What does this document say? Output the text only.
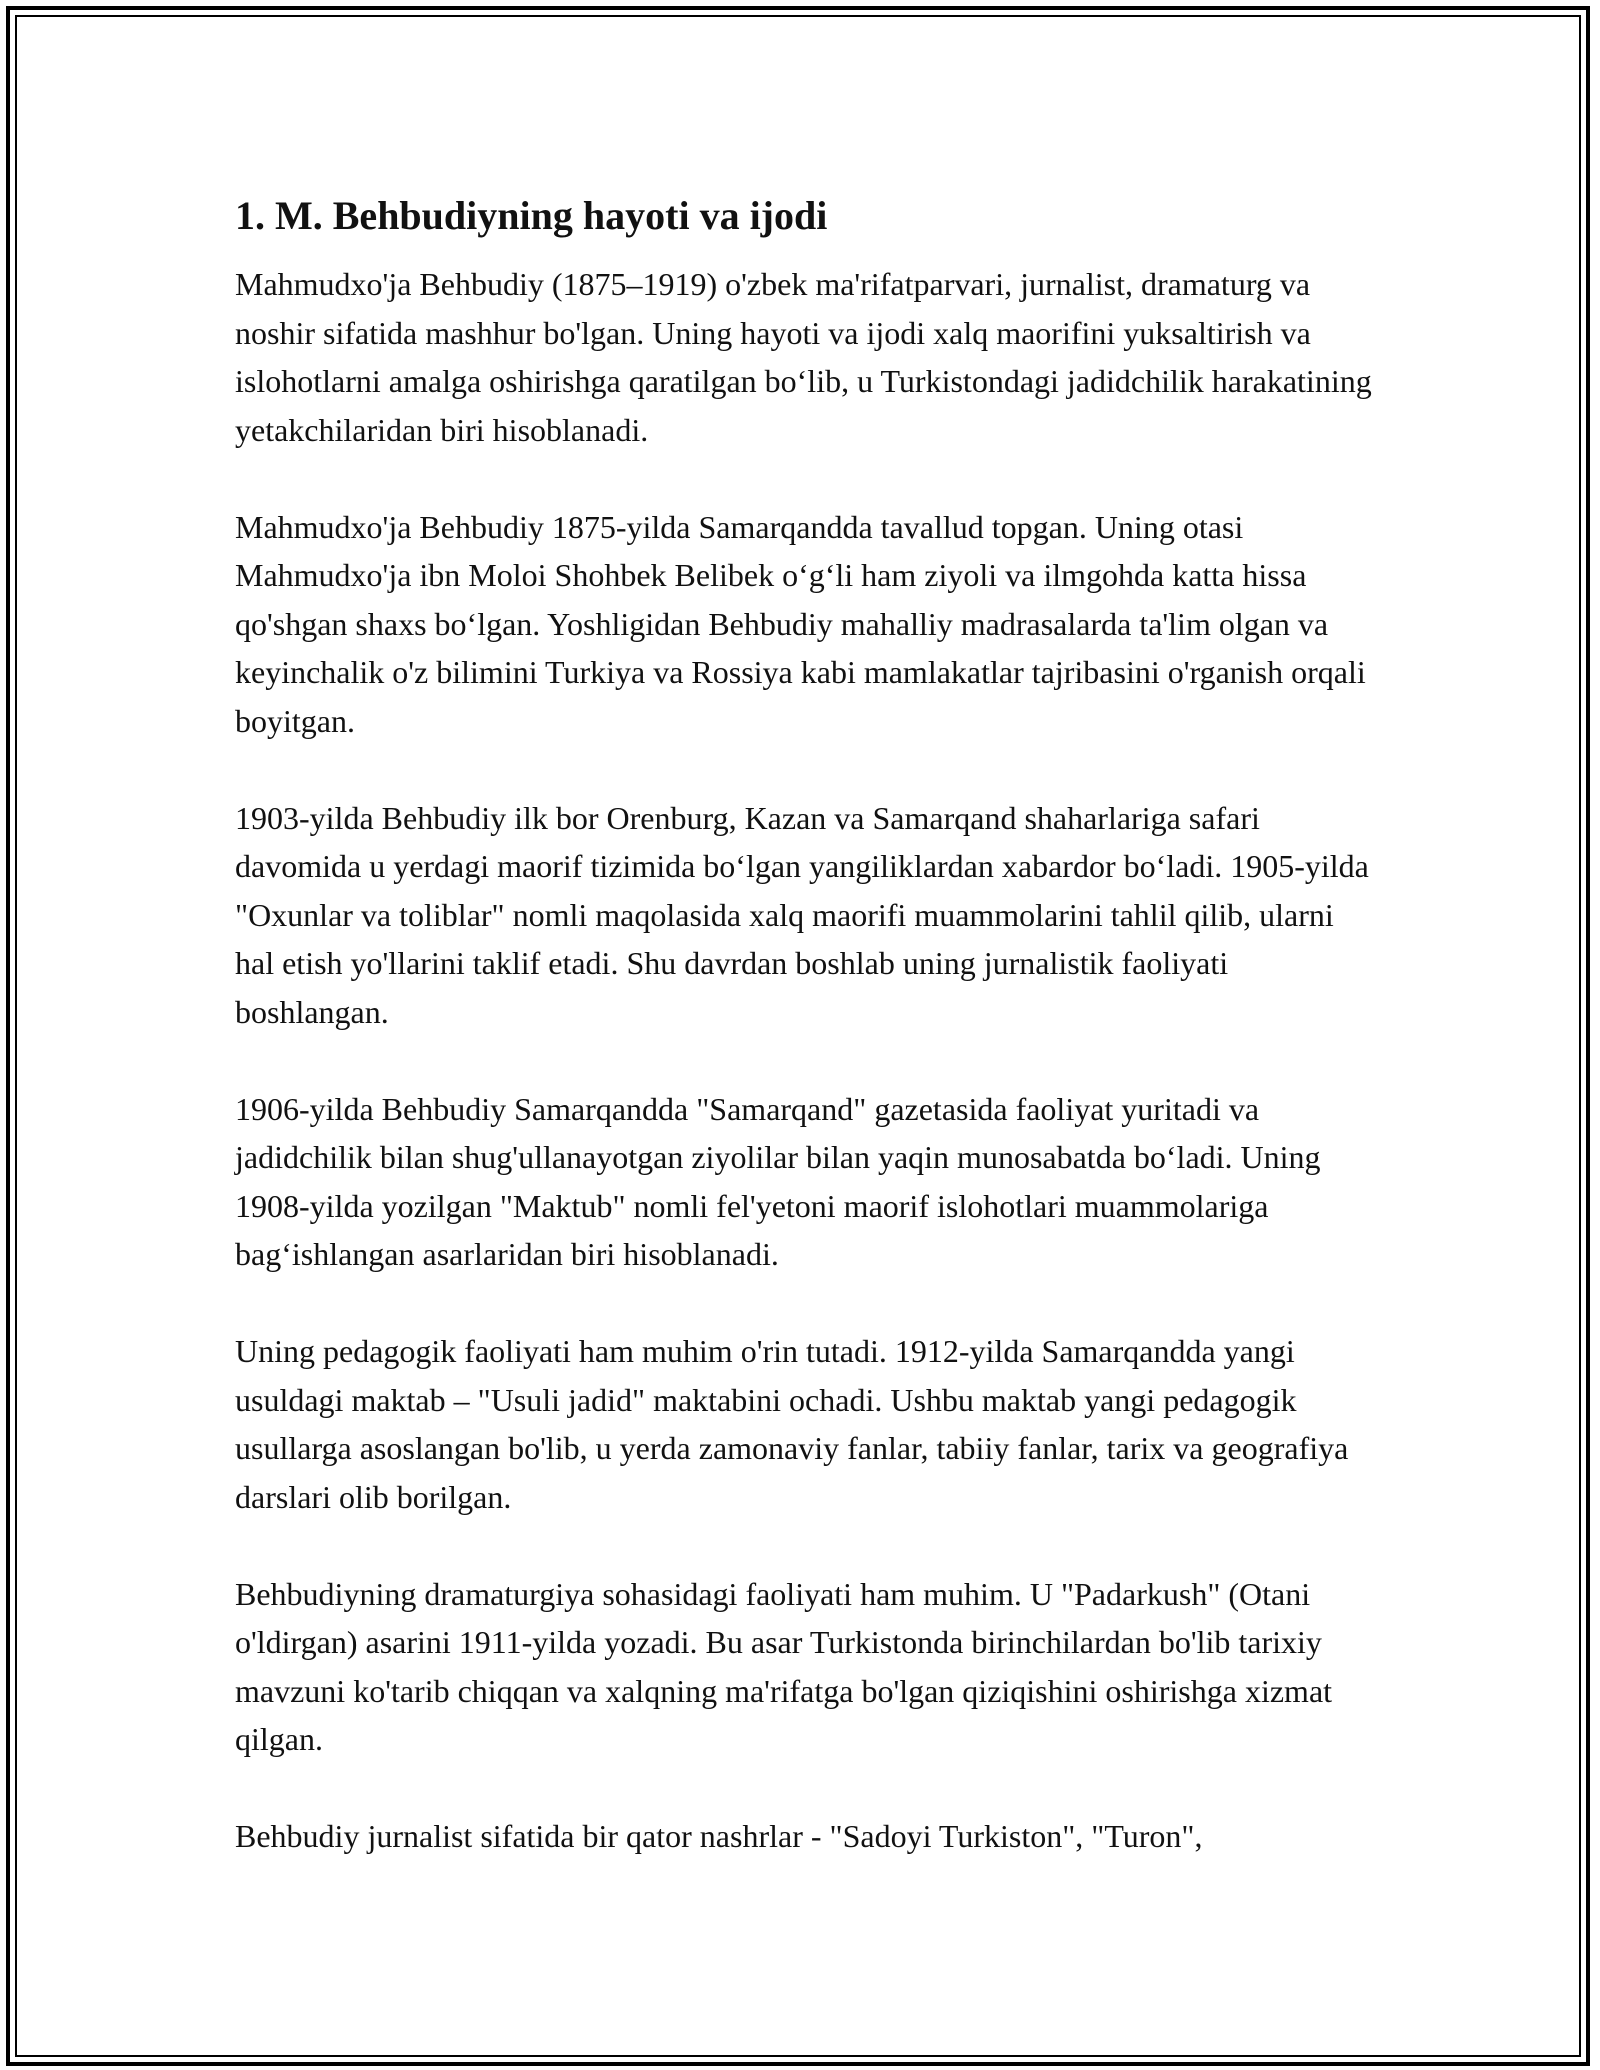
1. M. Behbudiyning hayoti va ijodi

Mahmudxo'ja Behbudiy (1875–1919) o'zbek ma'rifatparvari, jurnalist, dramaturg va noshir sifatida mashhur bo'lgan. Uning hayoti va ijodi xalq maorifini yuksaltirish va islohotlarni amalga oshirishga qaratilgan bo‘lib, u Turkistondagi jadidchilik harakatining yetakchilaridan biri hisoblanadi.

Mahmudxo'ja Behbudiy 1875-yilda Samarqandda tavallud topgan. Uning otasi Mahmudxo'ja ibn Moloi Shohbek Belibek o‘g‘li ham ziyoli va ilmgohda katta hissa qo'shgan shaxs bo‘lgan. Yoshligidan Behbudiy mahalliy madrasalarda ta'lim olgan va keyinchalik o'z bilimini Turkiya va Rossiya kabi mamlakatlar tajribasini o'rganish orqali boyitgan.

1903-yilda Behbudiy ilk bor Orenburg, Kazan va Samarqand shaharlariga safari davomida u yerdagi maorif tizimida bo‘lgan yangiliklardan xabardor bo‘ladi. 1905-yilda "Oxunlar va toliblar" nomli maqolasida xalq maorifi muammolarini tahlil qilib, ularni hal etish yo'llarini taklif etadi. Shu davrdan boshlab uning jurnalistik faoliyati boshlangan.

1906-yilda Behbudiy Samarqandda "Samarqand" gazetasida faoliyat yuritadi va jadidchilik bilan shug'ullanayotgan ziyolilar bilan yaqin munosabatda bo‘ladi. Uning 1908-yilda yozilgan "Maktub" nomli fel'yetoni maorif islohotlari muammolariga bag‘ishlangan asarlaridan biri hisoblanadi.

Uning pedagogik faoliyati ham muhim o'rin tutadi. 1912-yilda Samarqandda yangi usuldagi maktab – "Usuli jadid" maktabini ochadi. Ushbu maktab yangi pedagogik usullarga asoslangan bo'lib, u yerda zamonaviy fanlar, tabiiy fanlar, tarix va geografiya darslari olib borilgan.

Behbudiyning dramaturgiya sohasidagi faoliyati ham muhim. U "Padarkush" (Otani o'ldirgan) asarini 1911-yilda yozadi. Bu asar Turkistonda birinchilardan bo'lib tarixiy mavzuni ko'tarib chiqqan va xalqning ma'rifatga bo'lgan qiziqishini oshirishga xizmat qilgan.

Behbudiy jurnalist sifatida bir qator nashrlar - "Sadoyi Turkiston", "Turon",
